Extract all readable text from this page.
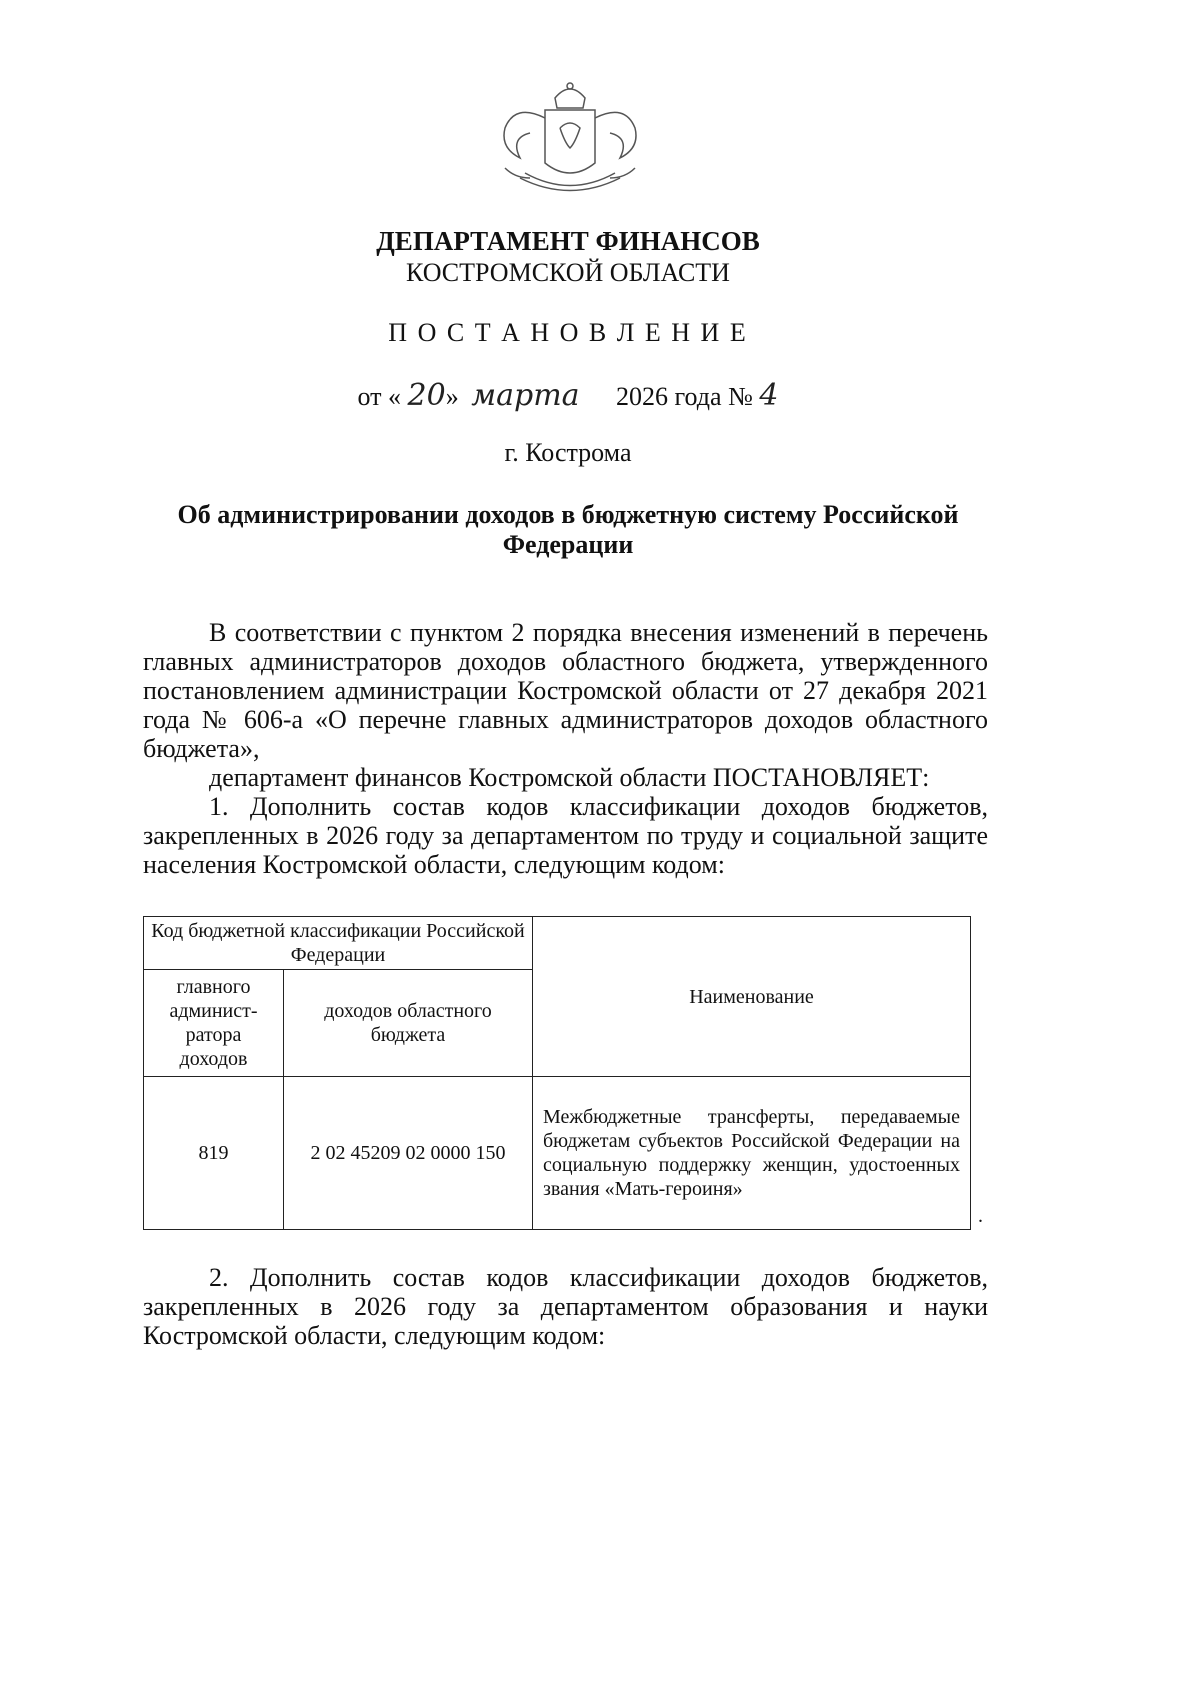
ДЕПАРТАМЕНТ ФИНАНСОВ
КОСТРОМСКОЙ ОБЛАСТИ
П О С Т А Н О В Л Е Н И Е
от « 20» марта 2026 года № 4
г. Кострома
Об администрировании доходов в бюджетную систему Российской
Федерации

В соответствии с пунктом 2 порядка внесения изменений в перечень главных администраторов доходов областного бюджета, утвержденного постановлением администрации Костромской области от 27 декабря 2021 года № 606-а «О перечне главных администраторов доходов областного бюджета»,

департамент финансов Костромской области ПОСТАНОВЛЯЕТ:

1. Дополнить состав кодов классификации доходов бюджетов, закрепленных в 2026 году за департаментом по труду и социальной защите населения Костромской области, следующим кодом:

Код бюджетной классификации Российской Федерации		Наименование
главного админист-ратора доходов	доходов областного бюджета	
819	2 02 45209 02 0000 150	Межбюджетные трансферты, передаваемые бюджетам субъектов Российской Федерации на социальную поддержку женщин, удостоенных звания «Мать-героиня»
.

2. Дополнить состав кодов классификации доходов бюджетов, закрепленных в 2026 году за департаментом образования и науки Костромской области, следующим кодом:
